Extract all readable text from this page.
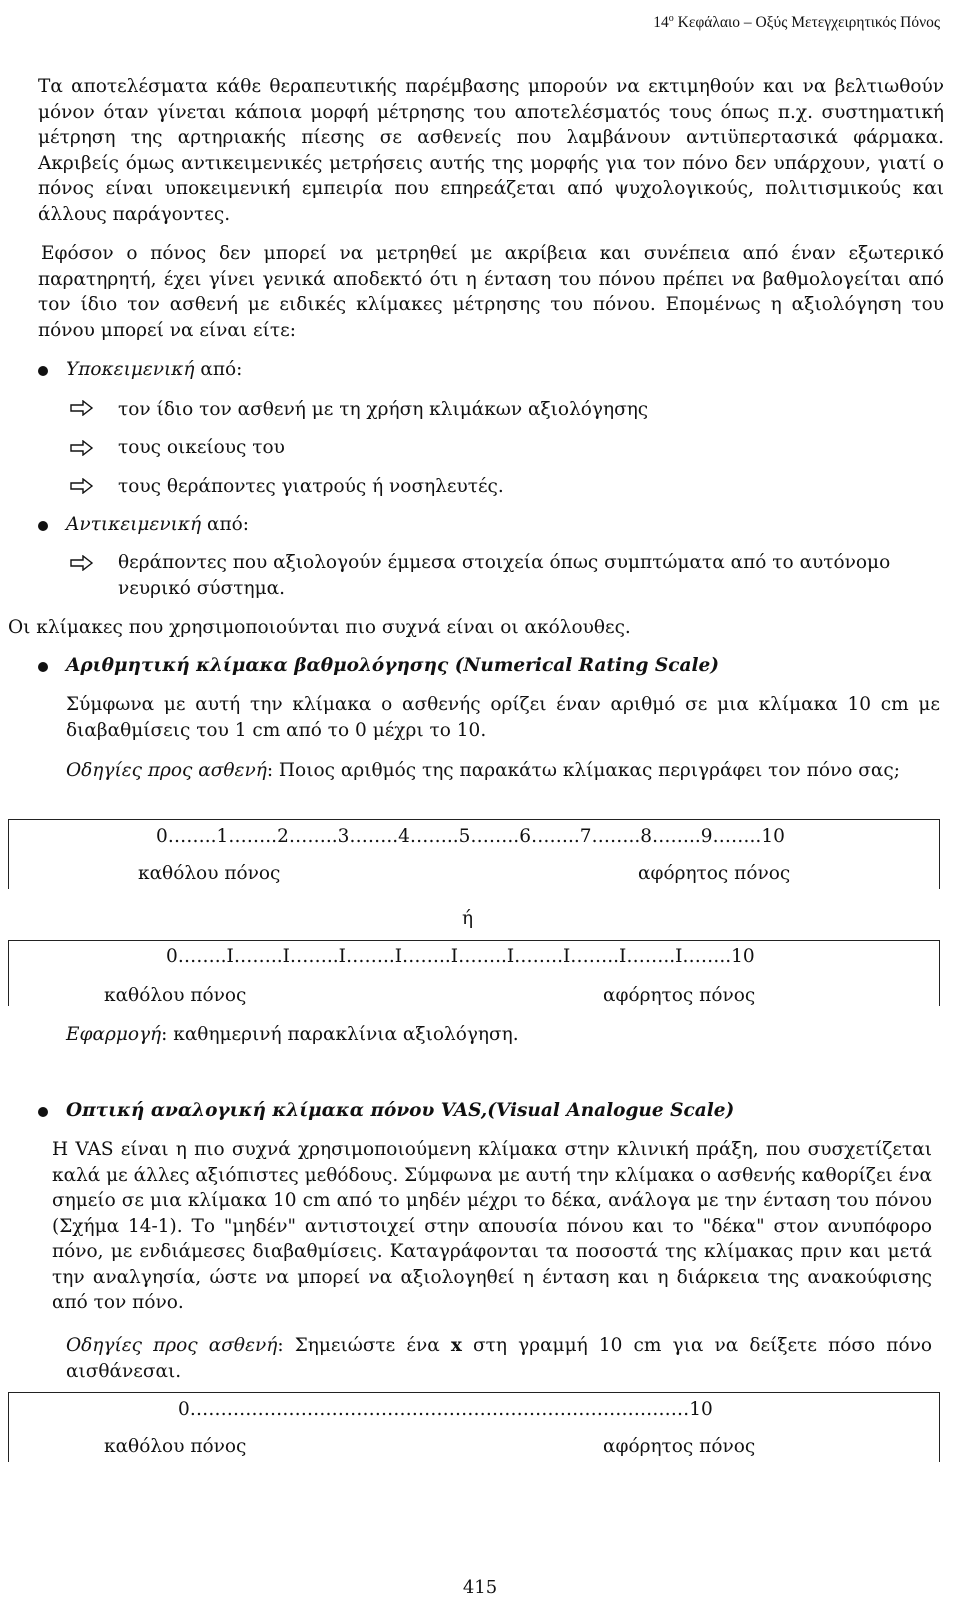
$14^o$ Κεφάλαιο – Οξύς Μετεγχειρητικός Πόνος

Τα αποτελέσματα κάθε θεραπευτικής παρέμβασης μπορούν να εκτιμηθούν και να βελτιωθούν μόνον όταν γίνεται κάποια μορφή μέτρησης του αποτελέσματός τους όπως π.χ. συστηματική μέτρηση της αρτηριακής πίεσης σε ασθενείς που λαμβάνουν αντιϋπερτασικά φάρμακα. Ακριβείς όμως αντικειμενικές μετρήσεις αυτής της μορφής για τον πόνο δεν υπάρχουν, γιατί ο πόνος είναι υποκειμενική εμπειρία που επηρεάζεται από ψυχολογικούς, πολιτισμικούς και άλλους παράγοντες.

Εφόσον ο πόνος δεν μπορεί να μετρηθεί με ακρίβεια και συνέπεια από έναν εξωτερικό παρατηρητή, έχει γίνει γενικά αποδεκτό ότι η ένταση του πόνου πρέπει να βαθμολογείται από τον ίδιο τον ασθενή με ειδικές κλίμακες μέτρησης του πόνου. Επομένως η αξιολόγηση του πόνου μπορεί να είναι είτε:

Υποκειμενική από:
τον ίδιο τον ασθενή με τη χρήση κλιμάκων αξιολόγησης
τους οικείους του
τους θεράποντες γιατρούς ή νοσηλευτές.
Αντικειμενική από:
θεράποντες που αξιολογούν έμμεσα στοιχεία όπως συμπτώματα από το αυτόνομο νευρικό σύστημα.

Οι κλίμακες που χρησιμοποιούνται πιο συχνά είναι οι ακόλουθες.

Αριθμητική κλίμακα βαθμολόγησης (Numerical Rating Scale)

Σύμφωνα με αυτή την κλίμακα ο ασθενής ορίζει έναν αριθμό σε μια κλίμακα 10 cm με διαβαθμίσεις του 1 cm από το 0 μέχρι το 10.

Οδηγίες προς ασθενή: Ποιος αριθμός της παρακάτω κλίμακας περιγράφει τον πόνο σας;

0……..1……..2……..3……..4……..5……..6……..7……..8……..9……..10
καθόλου πόνος	αφόρητος πόνος
ή
0……..I……..I……..I……..I……..I……..I……..I……..I……..I……..10
καθόλου πόνος	αφόρητος πόνος

Εφαρμογή: καθημερινή παρακλίνια αξιολόγηση.

Οπτική αναλογική κλίμακα πόνου VAS,(Visual Analogue Scale)

Η VAS είναι η πιο συχνά χρησιμοποιούμενη κλίμακα στην κλινική πράξη, που συσχετίζεται καλά με άλλες αξιόπιστες μεθόδους. Σύμφωνα με αυτή την κλίμακα ο ασθενής καθορίζει ένα σημείο σε μια κλίμακα 10 cm από το μηδέν μέχρι το δέκα, ανάλογα με την ένταση του πόνου (Σχήμα 14-1). Το "μηδέν" αντιστοιχεί στην απουσία πόνου και το "δέκα" στον ανυπόφορο πόνο, με ενδιάμεσες διαβαθμίσεις. Καταγράφονται τα ποσοστά της κλίμακας πριν και μετά την αναλγησία, ώστε να μπορεί να αξιολογηθεί η ένταση και η διάρκεια της ανακούφισης από τον πόνο.

Οδηγίες προς ασθενή: Σημειώστε ένα x στη γραμμή 10 cm για να δείξετε πόσο πόνο αισθάνεσαι.

0………………………………………………………………………10
καθόλου πόνος	αφόρητος πόνος
415
